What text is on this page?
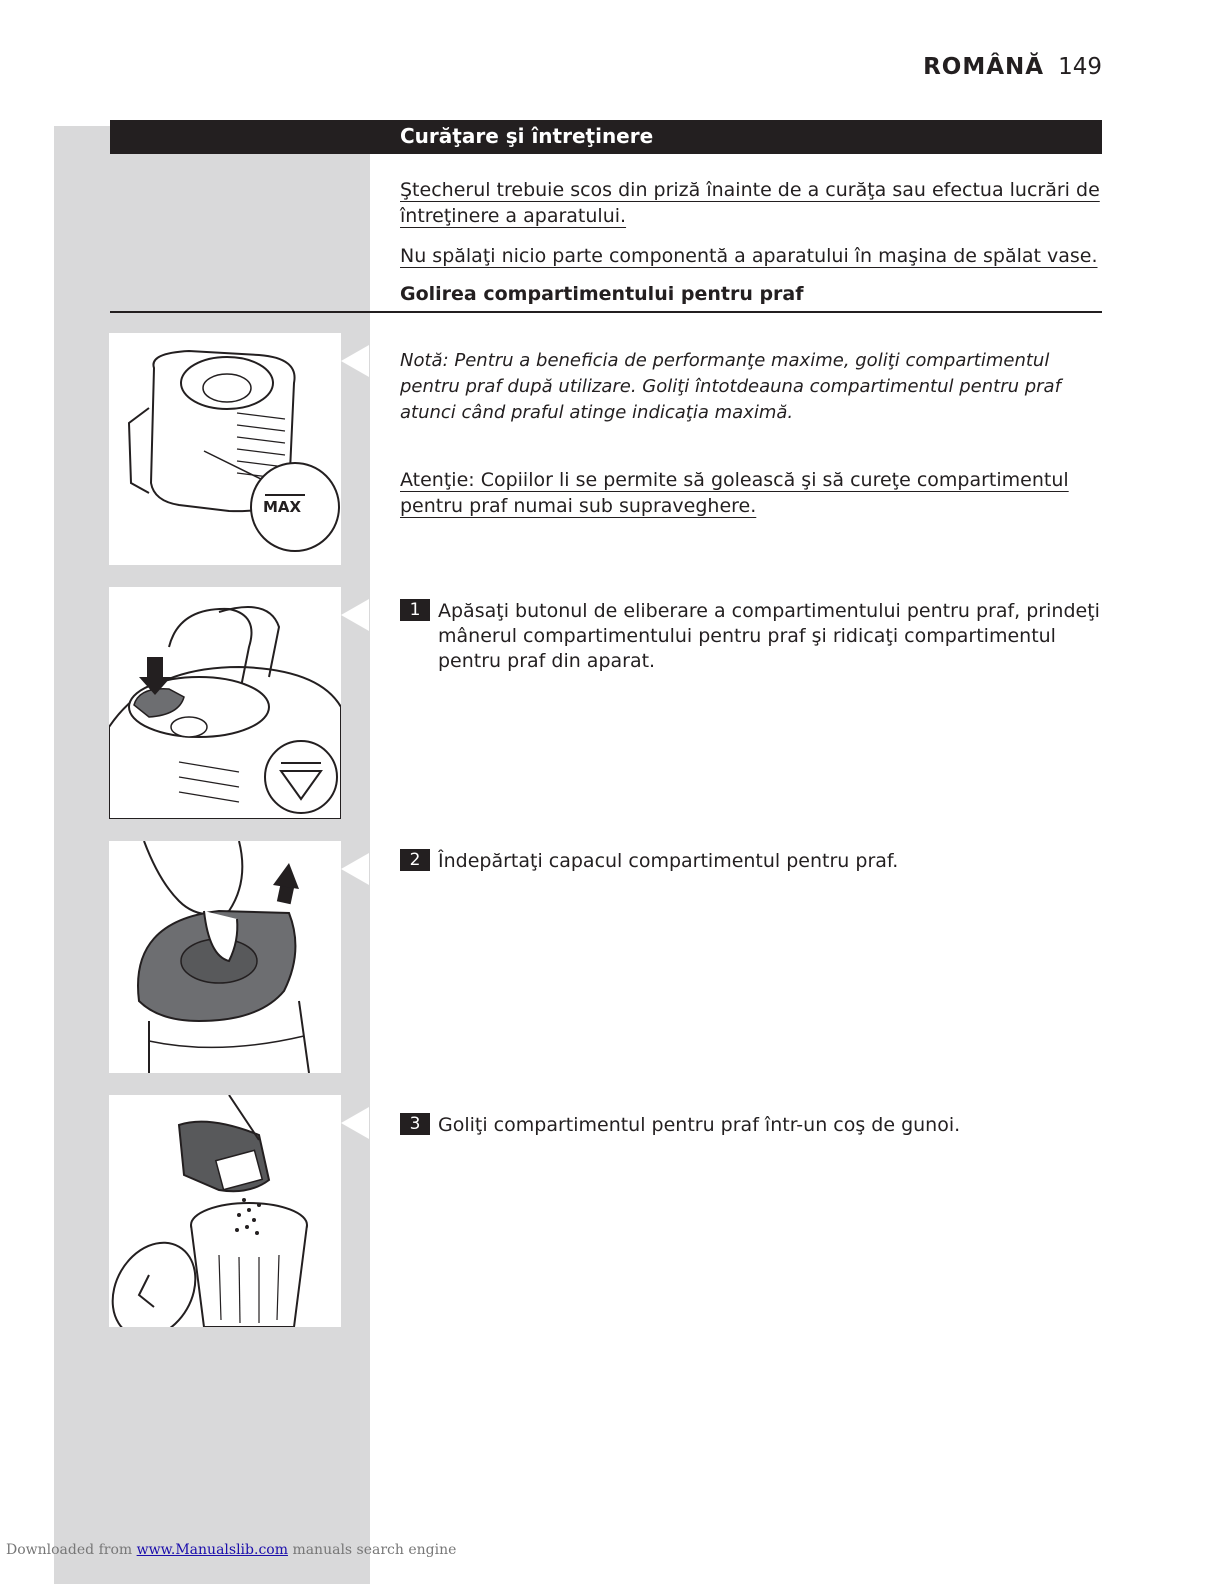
ROMÂNĂ 149
Curăţare şi întreţinere
Ştecherul trebuie scos din priză înainte de a curăţa sau efectua lucrări de întreţinere a aparatului.
Nu spălaţi nicio parte componentă a aparatului în maşina de spălat vase.
Golirea compartimentului pentru praf
MAX
Notă: Pentru a beneficia de performanţe maxime, goliţi compartimentul pentru praf după utilizare. Goliţi întotdeauna compartimentul pentru praf atunci când praful atinge indicaţia maximă.
Atenţie: Copiilor li se permite să golească şi să cureţe compartimentul pentru praf numai sub supraveghere.
1 Apăsaţi butonul de eliberare a compartimentului pentru praf, prindeţi mânerul compartimentului pentru praf şi ridicaţi compartimentul pentru praf din aparat.
2 Îndepărtaţi capacul compartimentul pentru praf.
3 Goliţi compartimentul pentru praf într-un coş de gunoi.
Downloaded from www.Manualslib.com manuals search engine
